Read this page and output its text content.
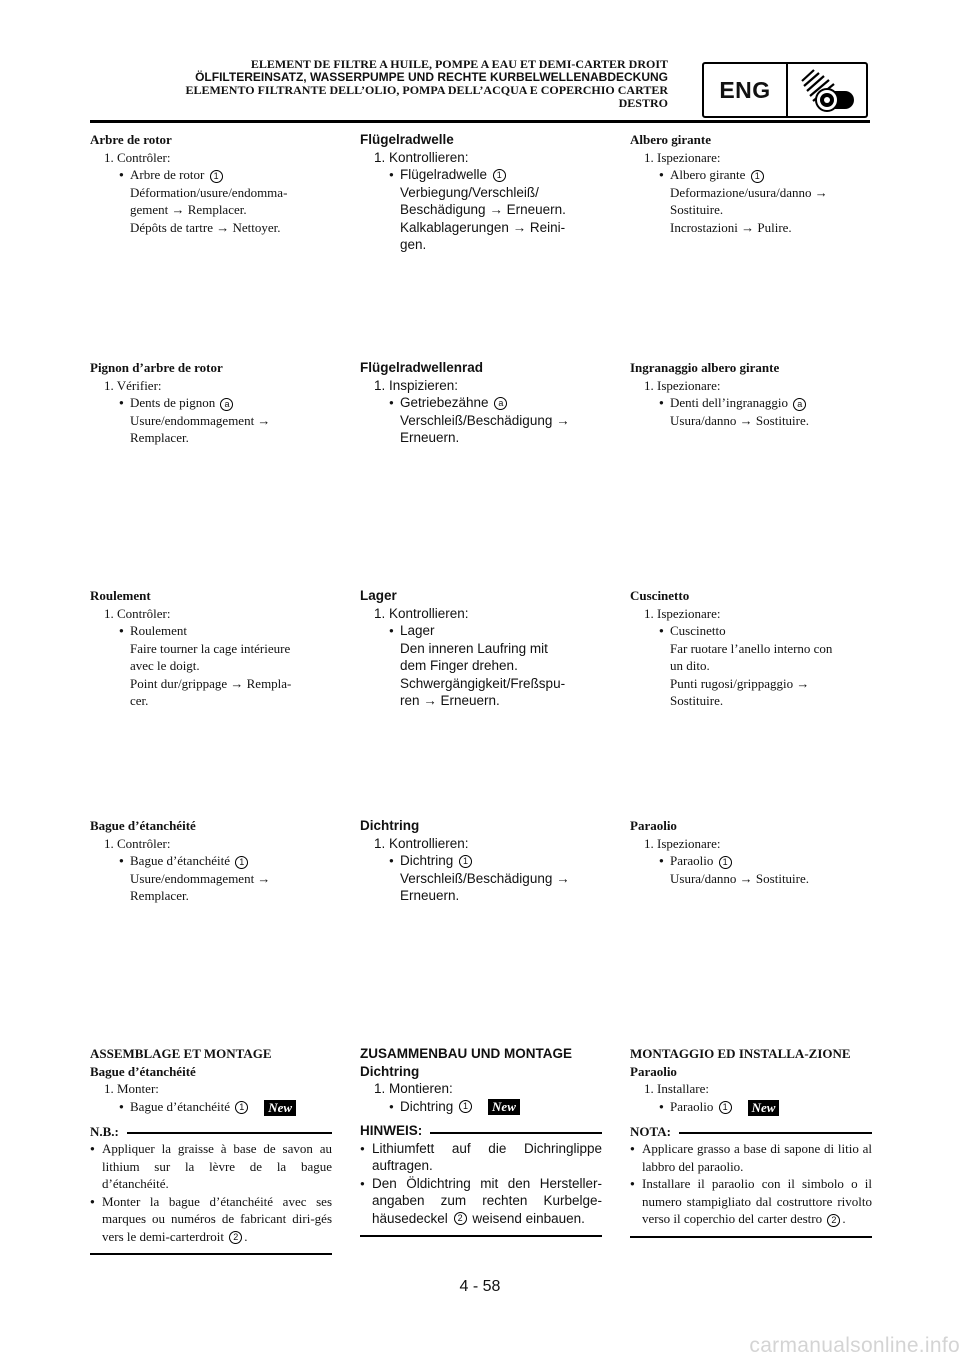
ELEMENT DE FILTRE A HUILE, POMPE A EAU ET DEMI-CARTER DROIT
ÖLFILTEREINSATZ, WASSERPUMPE UND RECHTE KURBELWELLENABDECKUNG
ELEMENTO FILTRANTE DELL’OLIO, POMPA DELL’ACQUA E COPERCHIO CARTER
DESTRO
ENG
Arbre de rotor
1. Contrôler:
● Arbre de rotor 1
Déformation/usure/endomma-
gement → Remplacer.
Dépôts de tartre → Nettoyer.
Pignon d’arbre de rotor
1. Vérifier:
● Dents de pignon a
Usure/endommagement →
Remplacer.
Roulement
1. Contrôler:
● Roulement
Faire tourner la cage intérieure
avec le doigt.
Point dur/grippage → Rempla-
cer.
Bague d’étanchéité
1. Contrôler:
● Bague d’étanchéité 1
Usure/endommagement →
Remplacer.
ASSEMBLAGE ET MONTAGE
Bague d’étanchéité
1. Monter:
● Bague d’étanchéité 1 New
N.B.:
● Appliquer la graisse à base de savon au lithium sur la lèvre de la bague d’étanchéité.
● Monter la bague d’étanchéité avec ses marques ou numéros de fabricant diri-gés vers le demi-carterdroit 2 .
Flügelradwelle
1. Kontrollieren:
● Flügelradwelle 1
Verbiegung/Verschleiß/
Beschädigung → Erneuern.
Kalkablagerungen → Reini-
gen.
Flügelradwellenrad
1. Inspizieren:
● Getriebezähne a
Verschleiß/Beschädigung →
Erneuern.
Lager
1. Kontrollieren:
● Lager
Den inneren Laufring mit
dem Finger drehen.
Schwergängigkeit/Freßspu-
ren → Erneuern.
Dichtring
1. Kontrollieren:
● Dichtring 1
Verschleiß/Beschädigung →
Erneuern.
ZUSAMMENBAU UND MONTAGE
Dichtring
1. Montieren:
● Dichtring 1 New
HINWEIS:
● Lithiumfett auf die Dichringlippe auftragen.
● Den Öldichtring mit den Hersteller-angaben zum rechten Kurbelge-häusedeckel 2 weisend einbauen.
Albero girante
1. Ispezionare:
● Albero girante 1
Deformazione/usura/danno →
Sostituire.
Incrostazioni → Pulire.
Ingranaggio albero girante
1. Ispezionare:
● Denti dell’ingranaggio a
Usura/danno → Sostituire.
Cuscinetto
1. Ispezionare:
● Cuscinetto
Far ruotare l’anello interno con
un dito.
Punti rugosi/grippaggio →
Sostituire.
Paraolio
1. Ispezionare:
● Paraolio 1
Usura/danno → Sostituire.
MONTAGGIO ED INSTALLA-ZIONE
Paraolio
1. Installare:
● Paraolio 1 New
NOTA:
● Applicare grasso a base di sapone di litio al labbro del paraolio.
● Installare il paraolio con il simbolo o il numero stampigliato dal costruttore rivolto verso il coperchio del carter destro 2 .
4 - 58
carmanualsonline.info
